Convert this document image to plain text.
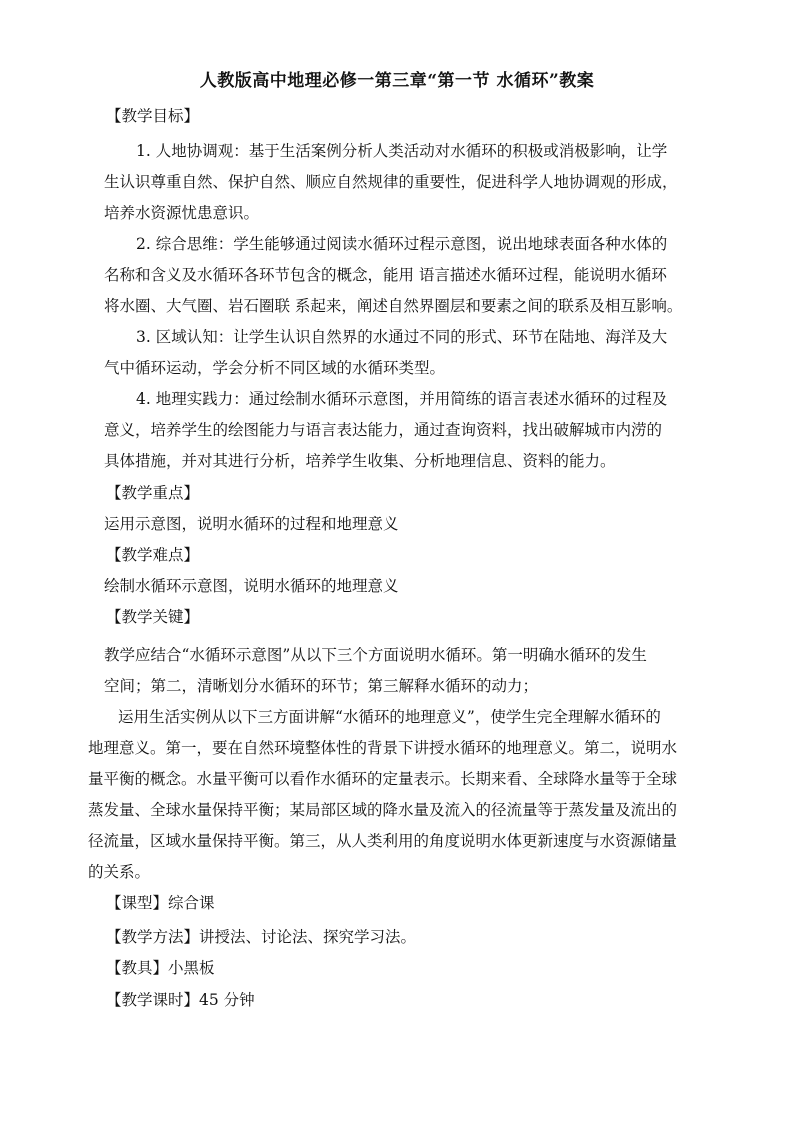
人教版高中地理必修一第三章“第一节 水循环”教案
【教学目标】
1. 人地协调观：基于生活案例分析人类活动对水循环的积极或消极影响，让学
生认识尊重自然、保护自然、顺应自然规律的重要性，促进科学人地协调观的形成，
培养水资源忧患意识。
2. 综合思维：学生能够通过阅读水循环过程示意图，说出地球表面各种水体的
名称和含义及水循环各环节包含的概念，能用 语言描述水循环过程，能说明水循环
将水圈、大气圈、岩石圈联 系起来，阐述自然界圈层和要素之间的联系及相互影响。
3. 区域认知：让学生认识自然界的水通过不同的形式、环节在陆地、海洋及大
气中循环运动，学会分析不同区域的水循环类型。
4. 地理实践力：通过绘制水循环示意图，并用简练的语言表述水循环的过程及
意义，培养学生的绘图能力与语言表达能力，通过查询资料，找出破解城市内涝的
具体措施，并对其进行分析，培养学生收集、分析地理信息、资料的能力。
【教学重点】
运用示意图，说明水循环的过程和地理意义
【教学难点】
绘制水循环示意图，说明水循环的地理意义
【教学关键】
教学应结合“水循环示意图”从以下三个方面说明水循环。第一明确水循环的发生
空间；第二，清晰划分水循环的环节；第三解释水循环的动力；
运用生活实例从以下三方面讲解“水循环的地理意义”，使学生完全理解水循环的
地理意义。第一，要在自然环境整体性的背景下讲授水循环的地理意义。第二，说明水
量平衡的概念。水量平衡可以看作水循环的定量表示。长期来看、全球降水量等于全球
蒸发量、全球水量保持平衡；某局部区域的降水量及流入的径流量等于蒸发量及流出的
径流量，区域水量保持平衡。第三，从人类利用的角度说明水体更新速度与水资源储量
的关系。
【课型】综合课
【教学方法】讲授法、讨论法、探究学习法。
【教具】小黑板
【教学课时】45 分钟
